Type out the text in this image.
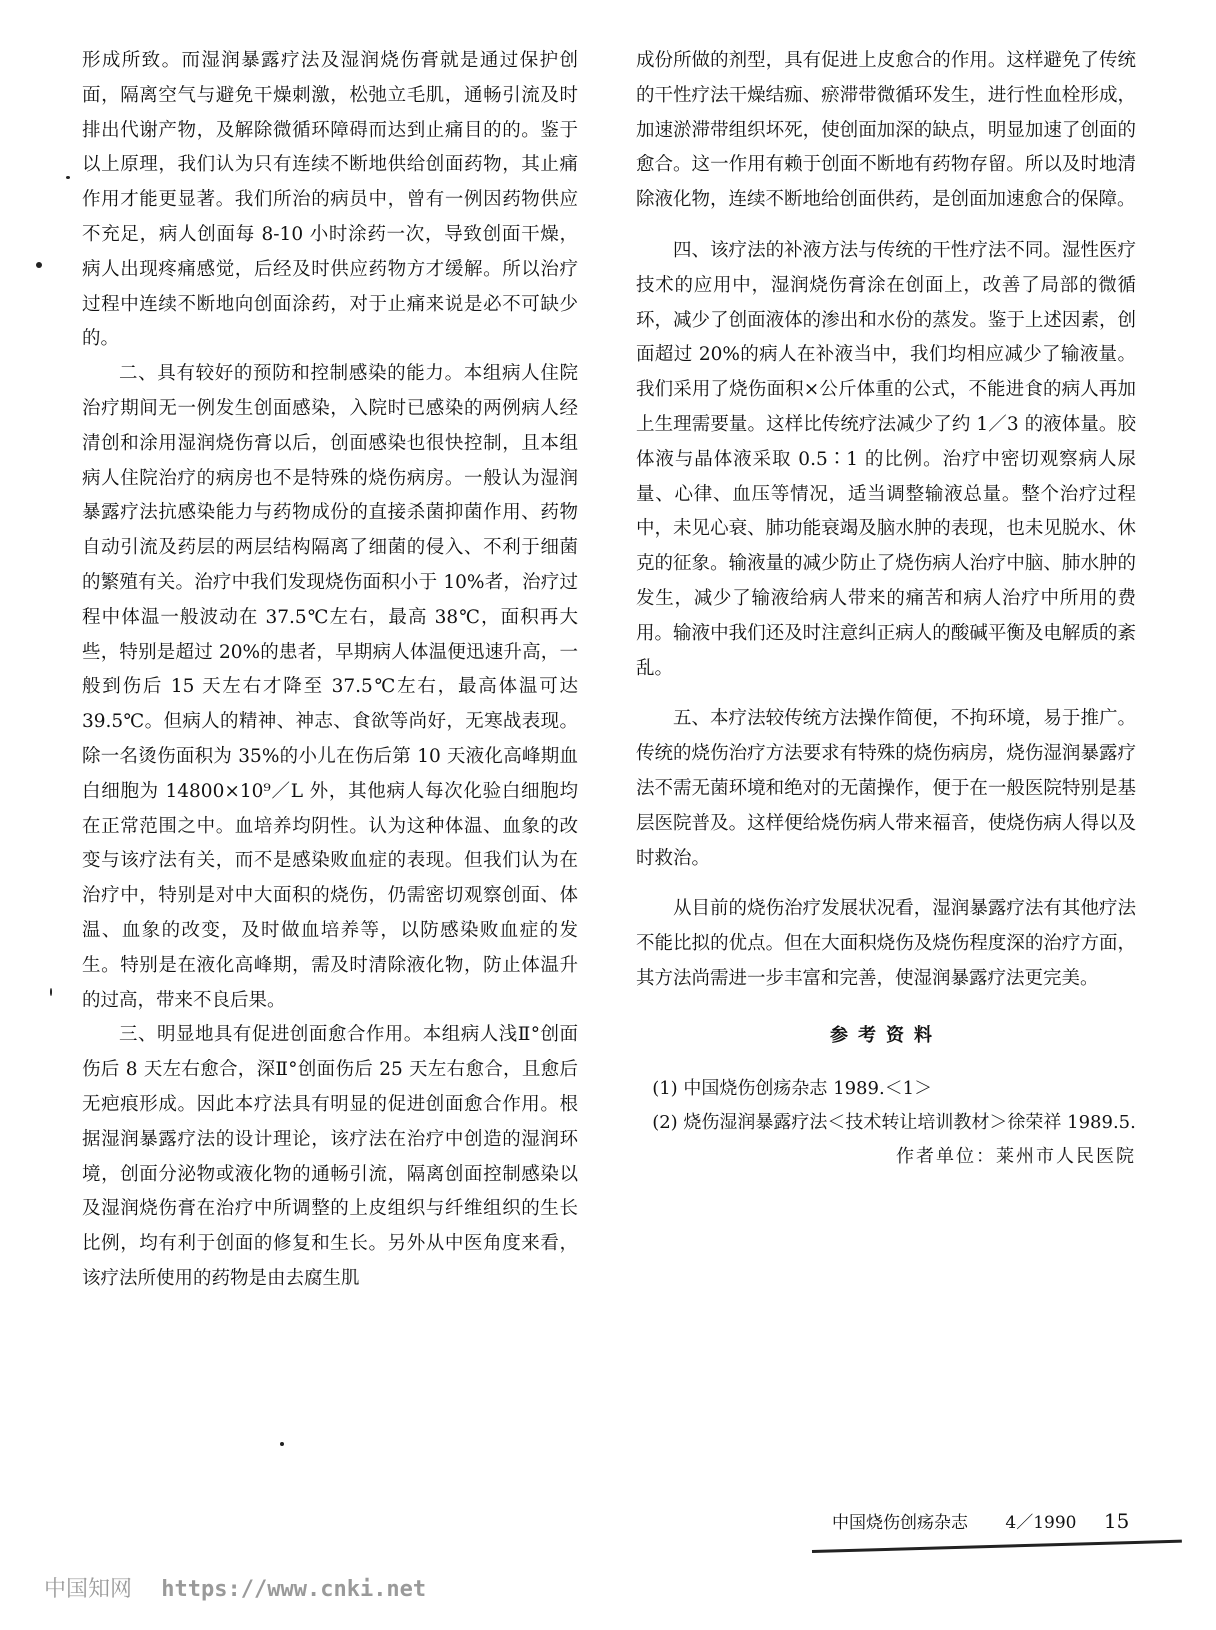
形成所致。而湿润暴露疗法及湿润烧伤膏就是通过保护创面，隔离空气与避免干燥刺激，松弛立毛肌，通畅引流及时排出代谢产物，及解除微循环障碍而达到止痛目的的。鉴于以上原理，我们认为只有连续不断地供给创面药物，其止痛作用才能更显著。我们所治的病员中，曾有一例因药物供应不充足，病人创面每 8-10 小时涂药一次，导致创面干燥，病人出现疼痛感觉，后经及时供应药物方才缓解。所以治疗过程中连续不断地向创面涂药，对于止痛来说是必不可缺少的。

二、具有较好的预防和控制感染的能力。本组病人住院治疗期间无一例发生创面感染，入院时已感染的两例病人经清创和涂用湿润烧伤膏以后，创面感染也很快控制，且本组病人住院治疗的病房也不是特殊的烧伤病房。一般认为湿润暴露疗法抗感染能力与药物成份的直接杀菌抑菌作用、药物自动引流及药层的两层结构隔离了细菌的侵入、不利于细菌的繁殖有关。治疗中我们发现烧伤面积小于 10%者，治疗过程中体温一般波动在 37.5℃左右，最高 38℃，面积再大些，特别是超过 20%的患者，早期病人体温便迅速升高，一般到伤后 15 天左右才降至 37.5℃左右，最高体温可达 39.5℃。但病人的精神、神志、食欲等尚好，无寒战表现。除一名烫伤面积为 35%的小儿在伤后第 10 天液化高峰期血白细胞为 14800×10⁹／L 外，其他病人每次化验白细胞均在正常范围之中。血培养均阴性。认为这种体温、血象的改变与该疗法有关，而不是感染败血症的表现。但我们认为在治疗中，特别是对中大面积的烧伤，仍需密切观察创面、体温、血象的改变，及时做血培养等，以防感染败血症的发生。特别是在液化高峰期，需及时清除液化物，防止体温升的过高，带来不良后果。

三、明显地具有促进创面愈合作用。本组病人浅Ⅱ°创面伤后 8 天左右愈合，深Ⅱ°创面伤后 25 天左右愈合，且愈后无疤痕形成。因此本疗法具有明显的促进创面愈合作用。根据湿润暴露疗法的设计理论，该疗法在治疗中创造的湿润环境，创面分泌物或液化物的通畅引流，隔离创面控制感染以及湿润烧伤膏在治疗中所调整的上皮组织与纤维组织的生长比例，均有利于创面的修复和生长。另外从中医角度来看，该疗法所使用的药物是由去腐生肌

成份所做的剂型，具有促进上皮愈合的作用。这样避免了传统的干性疗法干燥结痂、瘀滞带微循环发生，进行性血栓形成，加速淤滞带组织坏死，使创面加深的缺点，明显加速了创面的愈合。这一作用有赖于创面不断地有药物存留。所以及时地清除液化物，连续不断地给创面供药，是创面加速愈合的保障。

四、该疗法的补液方法与传统的干性疗法不同。湿性医疗技术的应用中，湿润烧伤膏涂在创面上，改善了局部的微循环，减少了创面液体的渗出和水份的蒸发。鉴于上述因素，创面超过 20%的病人在补液当中，我们均相应减少了输液量。我们采用了烧伤面积×公斤体重的公式，不能进食的病人再加上生理需要量。这样比传统疗法减少了约 1／3 的液体量。胶体液与晶体液采取 0.5∶1 的比例。治疗中密切观察病人尿量、心律、血压等情况，适当调整输液总量。整个治疗过程中，未见心衰、肺功能衰竭及脑水肿的表现，也未见脱水、休克的征象。输液量的减少防止了烧伤病人治疗中脑、肺水肿的发生，减少了输液给病人带来的痛苦和病人治疗中所用的费用。输液中我们还及时注意纠正病人的酸碱平衡及电解质的紊乱。

五、本疗法较传统方法操作简便，不拘环境，易于推广。传统的烧伤治疗方法要求有特殊的烧伤病房，烧伤湿润暴露疗法不需无菌环境和绝对的无菌操作，便于在一般医院特别是基层医院普及。这样便给烧伤病人带来福音，使烧伤病人得以及时救治。

从目前的烧伤治疗发展状况看，湿润暴露疗法有其他疗法不能比拟的优点。但在大面积烧伤及烧伤程度深的治疗方面，其方法尚需进一步丰富和完善，使湿润暴露疗法更完美。

参考资料

(1) 中国烧伤创疡杂志 1989.＜1＞

(2) 烧伤湿润暴露疗法＜技术转让培训教材＞徐荣祥 1989.5.

作者单位：莱州市人民医院

中国烧伤创疡杂志 4／1990 15
中国知网 https://www.cnki.net
